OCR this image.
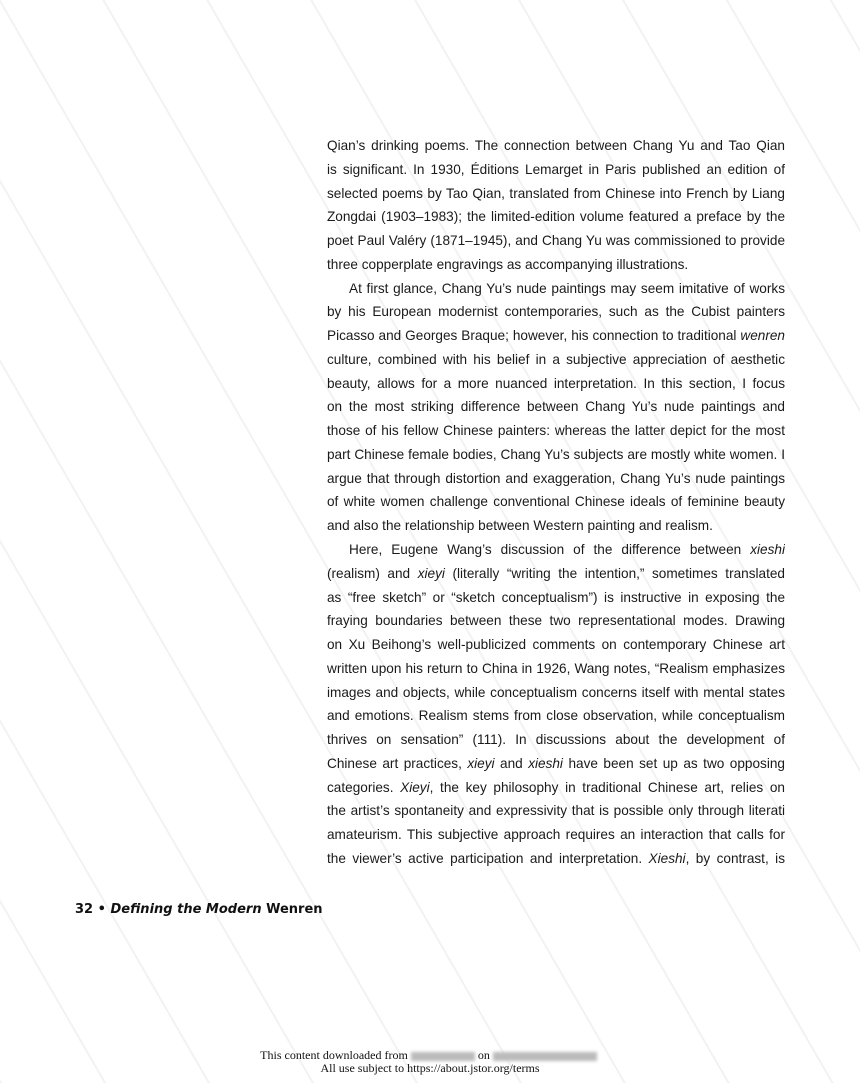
Qian’s drinking poems. The connection between Chang Yu and Tao Qian
is significant. In 1930, Éditions Lemarget in Paris published an edition of
selected poems by Tao Qian, translated from Chinese into French by Liang
Zongdai (1903–1983); the limited-edition volume featured a preface by the
poet Paul Valéry (1871–1945), and Chang Yu was commissioned to provide
three copperplate engravings as accompanying illustrations.
At first glance, Chang Yu’s nude paintings may seem imitative of works
by his European modernist contemporaries, such as the Cubist painters
Picasso and Georges Braque; however, his connection to traditional wenren
culture, combined with his belief in a subjective appreciation of aesthetic
beauty, allows for a more nuanced interpretation. In this section, I focus
on the most striking difference between Chang Yu’s nude paintings and
those of his fellow Chinese painters: whereas the latter depict for the most
part Chinese female bodies, Chang Yu’s subjects are mostly white women. I
argue that through distortion and exaggeration, Chang Yu’s nude paintings
of white women challenge conventional Chinese ideals of feminine beauty
and also the relationship between Western painting and realism.
Here, Eugene Wang’s discussion of the difference between xieshi
(realism) and xieyi (literally “writing the intention,” sometimes translated
as “free sketch” or “sketch conceptualism”) is instructive in exposing the
fraying boundaries between these two representational modes. Drawing
on Xu Beihong’s well-publicized comments on contemporary Chinese art
written upon his return to China in 1926, Wang notes, “Realism emphasizes
images and objects, while conceptualism concerns itself with mental states
and emotions. Realism stems from close observation, while conceptualism
thrives on sensation” (111). In discussions about the development of
Chinese art practices, xieyi and xieshi have been set up as two opposing
categories. Xieyi, the key philosophy in traditional Chinese art, relies on
the artist’s spontaneity and expressivity that is possible only through literati
amateurism. This subjective approach requires an interaction that calls for
the viewer’s active participation and interpretation. Xieshi, by contrast, is
32 • Defining the Modern Wenren
This content downloaded from	on
All use subject to https://about.jstor.org/terms
